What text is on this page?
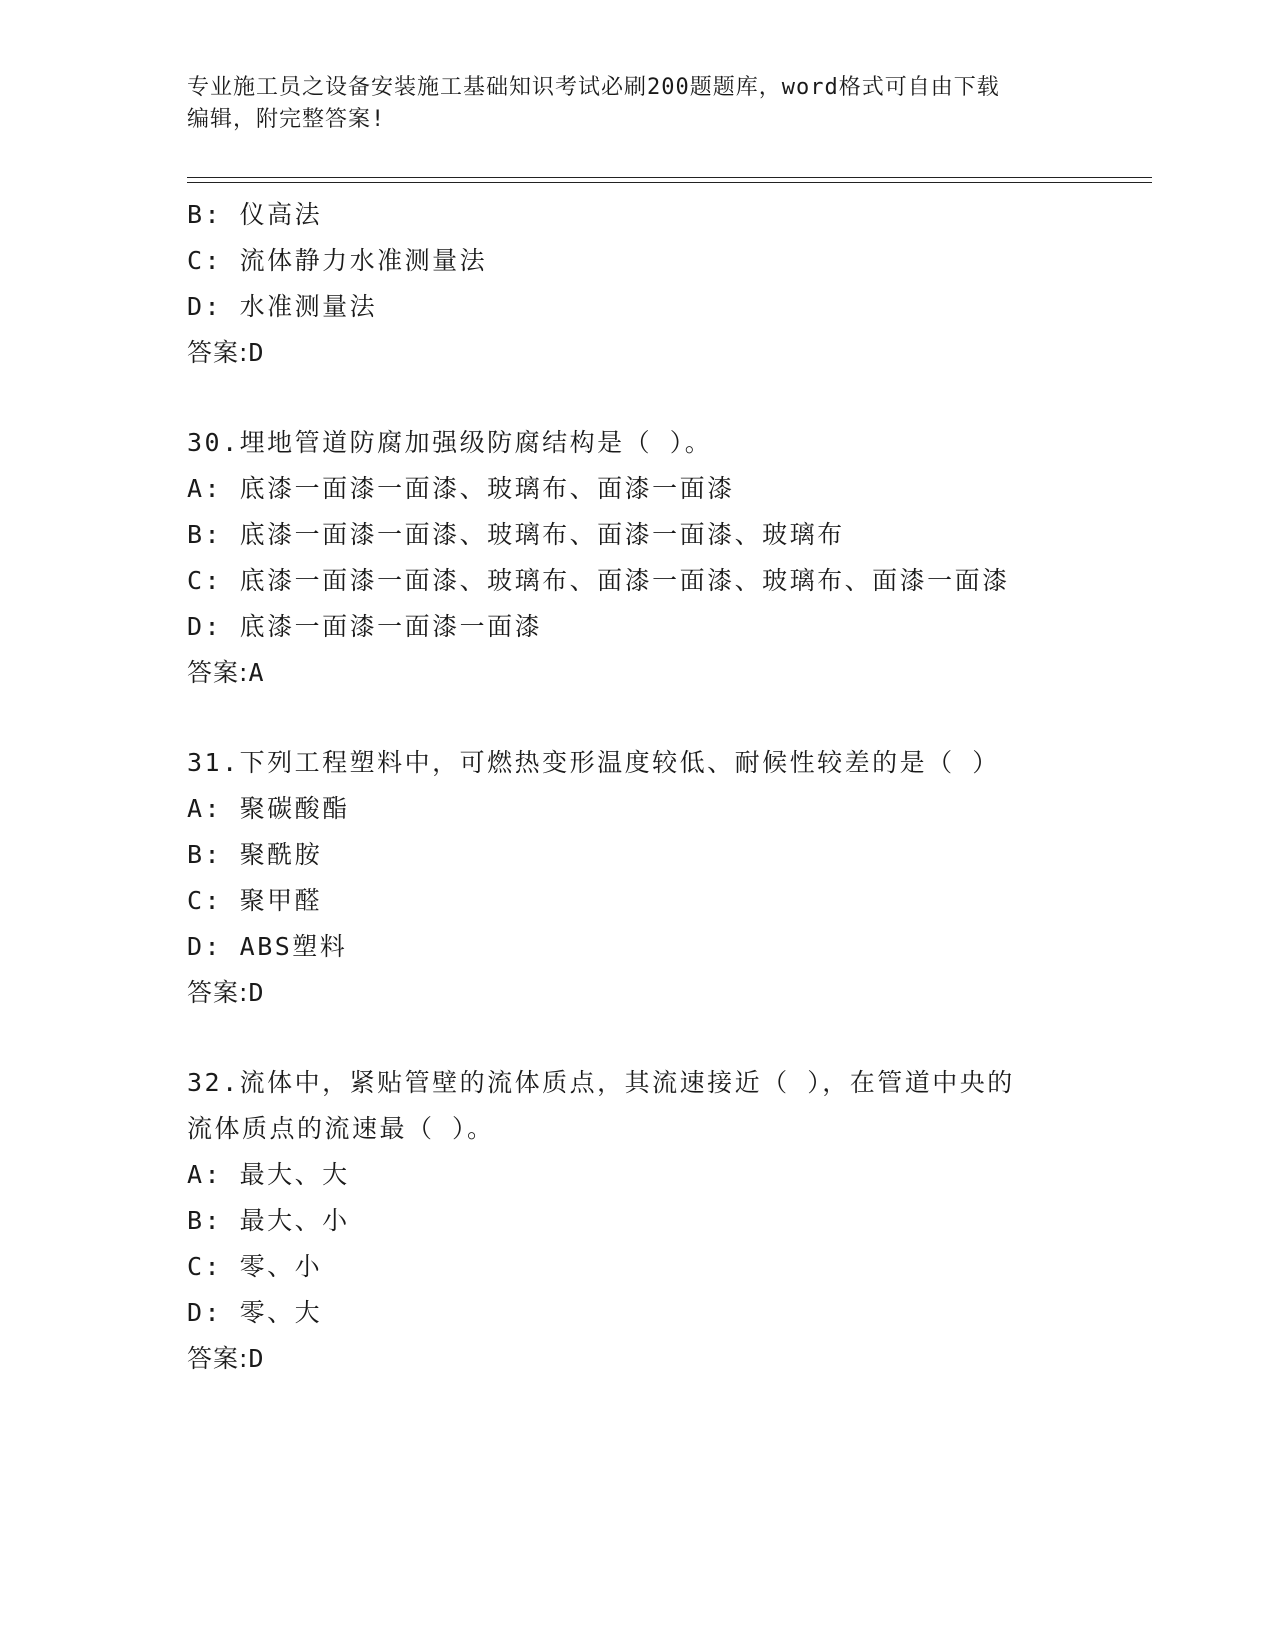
专业施工员之设备安装施工基础知识考试必刷200题题库，word格式可自由下载
编辑，附完整答案!
B: 仪高法
C: 流体静力水准测量法
D: 水准测量法
答案:D
30.埋地管道防腐加强级防腐结构是（ ）。
A: 底漆一面漆一面漆、玻璃布、面漆一面漆
B: 底漆一面漆一面漆、玻璃布、面漆一面漆、玻璃布
C: 底漆一面漆一面漆、玻璃布、面漆一面漆、玻璃布、面漆一面漆
D: 底漆一面漆一面漆一面漆
答案:A
31.下列工程塑料中，可燃热变形温度较低、耐候性较差的是（ ）
A: 聚碳酸酯
B: 聚酰胺
C: 聚甲醛
D: ABS塑料
答案:D
32.流体中，紧贴管壁的流体质点，其流速接近（ ），在管道中央的
流体质点的流速最（ ）。
A: 最大、大
B: 最大、小
C: 零、小
D: 零、大
答案:D
